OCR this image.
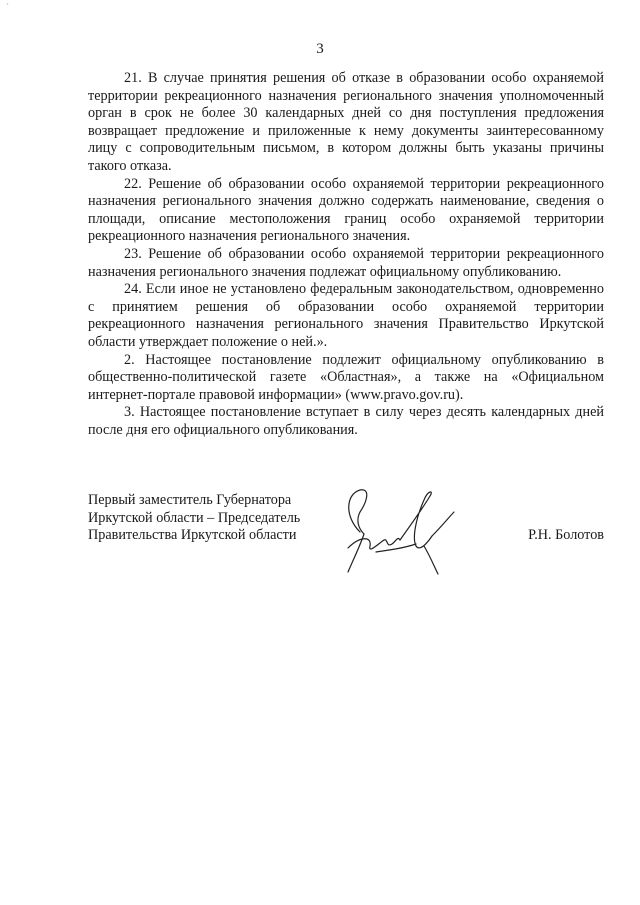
ˋ
3

21. В случае принятия решения об отказе в образовании особо охраняемой территории рекреационного назначения регионального значения уполномоченный орган в срок не более 30 календарных дней со дня поступления предложения возвращает предложение и приложенные к нему документы заинтересованному лицу с сопроводительным письмом, в котором должны быть указаны причины такого отказа.

22. Решение об образовании особо охраняемой территории рекреационного назначения регионального значения должно содержать наименование, сведения о площади, описание местоположения границ особо охраняемой территории рекреационного назначения регионального значения.

23. Решение об образовании особо охраняемой территории рекреационного назначения регионального значения подлежат официальному опубликованию.

24. Если иное не установлено федеральным законодательством, одновременно с принятием решения об образовании особо охраняемой территории рекреационного назначения регионального значения Правительство Иркутской области утверждает положение о ней.».

2. Настоящее постановление подлежит официальному опубликованию в общественно-политической газете «Областная», а также на «Официальном интернет-портале правовой информации» (www.pravo.gov.ru).

3. Настоящее постановление вступает в силу через десять календарных дней после дня его официального опубликования.

Первый заместитель Губернатора
Иркутской области – Председатель
Правительства Иркутской области	Р.Н. Болотов
